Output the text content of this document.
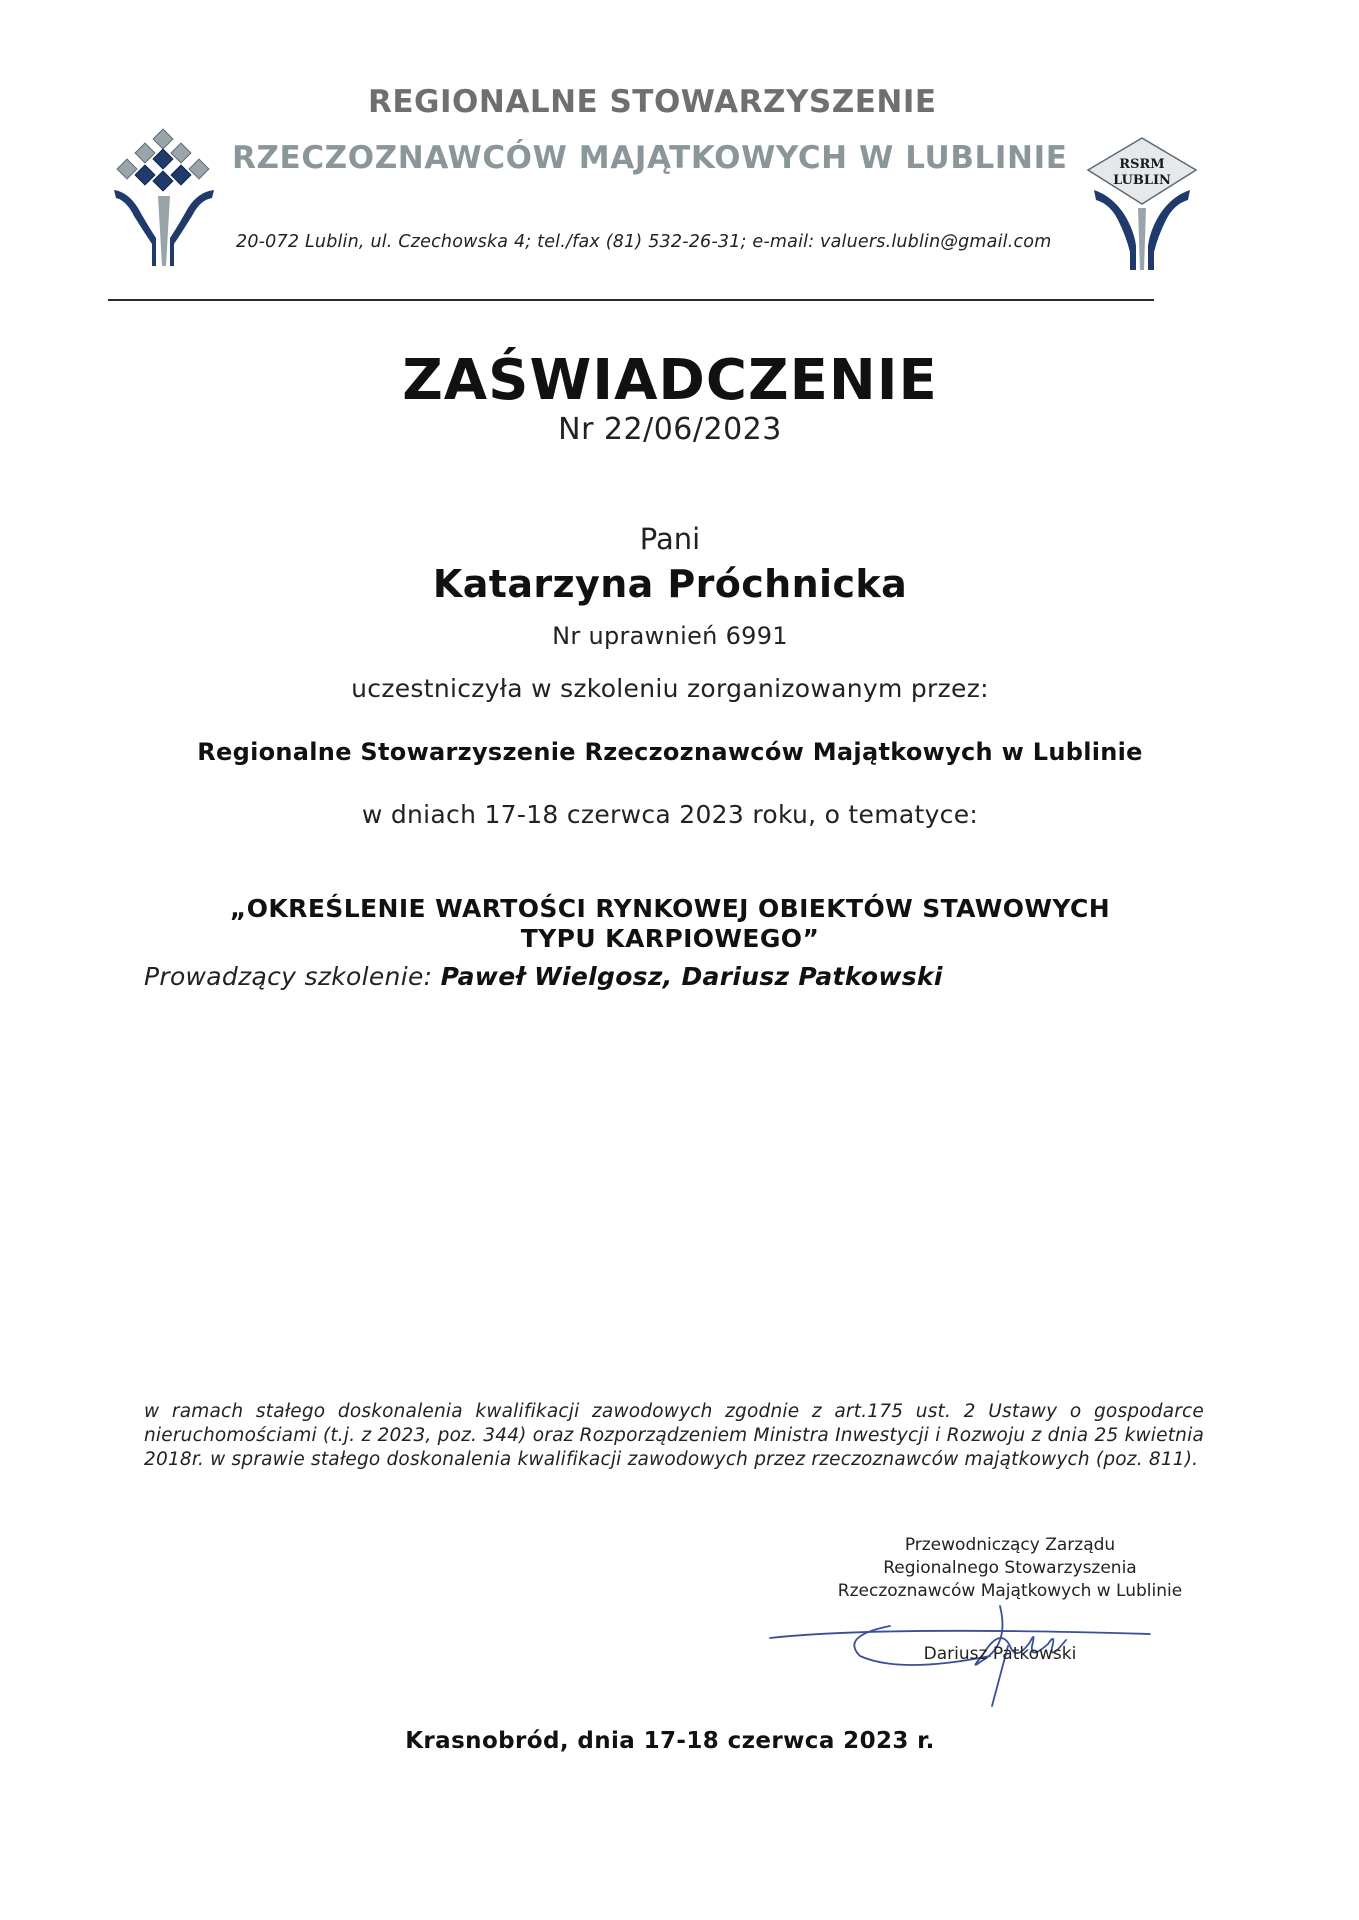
RSRM
LUBLIN
REGIONALNE STOWARZYSZENIE
RZECZOZNAWCÓW MAJĄTKOWYCH W LUBLINIE
20-072 Lublin, ul. Czechowska 4; tel./fax (81) 532-26-31; e-mail: valuers.lublin@gmail.com
ZAŚWIADCZENIE
Nr 22/06/2023
Pani
Katarzyna Próchnicka
Nr uprawnień 6991
uczestniczyła w szkoleniu zorganizowanym przez:
Regionalne Stowarzyszenie Rzeczoznawców Majątkowych w Lublinie
w dniach 17-18 czerwca 2023 roku, o tematyce:
„OKREŚLENIE WARTOŚCI RYNKOWEJ OBIEKTÓW STAWOWYCH
TYPU KARPIOWEGO”
Prowadzący szkolenie: Paweł Wielgosz, Dariusz Patkowski
w ramach stałego doskonalenia kwalifikacji zawodowych zgodnie z art.175 ust. 2 Ustawy o gospodarce nieruchomościami (t.j. z 2023, poz. 344) oraz Rozporządzeniem Ministra Inwestycji i Rozwoju z dnia 25 kwietnia 2018r. w sprawie stałego doskonalenia kwalifikacji zawodowych przez rzeczoznawców majątkowych (poz. 811).
Przewodniczący Zarządu
Regionalnego Stowarzyszenia
Rzeczoznawców Majątkowych w Lublinie
Dariusz Patkowski
Krasnobród, dnia 17-18 czerwca 2023 r.
